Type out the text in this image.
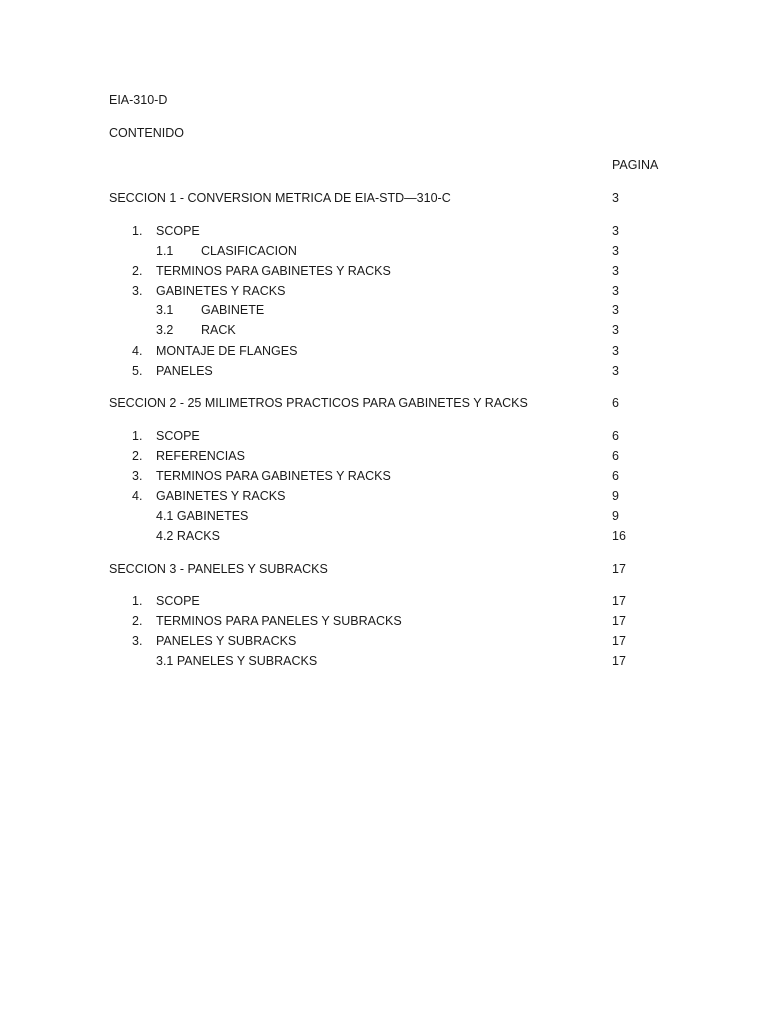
EIA-310-D
CONTENIDO
PAGINA
SECCION 1 - CONVERSION METRICA DE EIA-STD—310-C	3
1. SCOPE	3
1.1 CLASIFICACION	3
2. TERMINOS PARA GABINETES Y RACKS	3
3. GABINETES Y RACKS	3
3.1 GABINETE	3
3.2 RACK	3
4. MONTAJE DE FLANGES	3
5. PANELES	3
SECCION 2 - 25 MILIMETROS PRACTICOS PARA GABINETES Y RACKS	6
1. SCOPE	6
2. REFERENCIAS	6
3. TERMINOS PARA GABINETES Y RACKS	6
4. GABINETES Y RACKS	9
4.1 GABINETES	9
4.2 RACKS	16
SECCION 3 - PANELES Y SUBRACKS	17
1. SCOPE	17
2. TERMINOS PARA PANELES Y SUBRACKS	17
3. PANELES Y SUBRACKS	17
3.1 PANELES Y SUBRACKS	17
